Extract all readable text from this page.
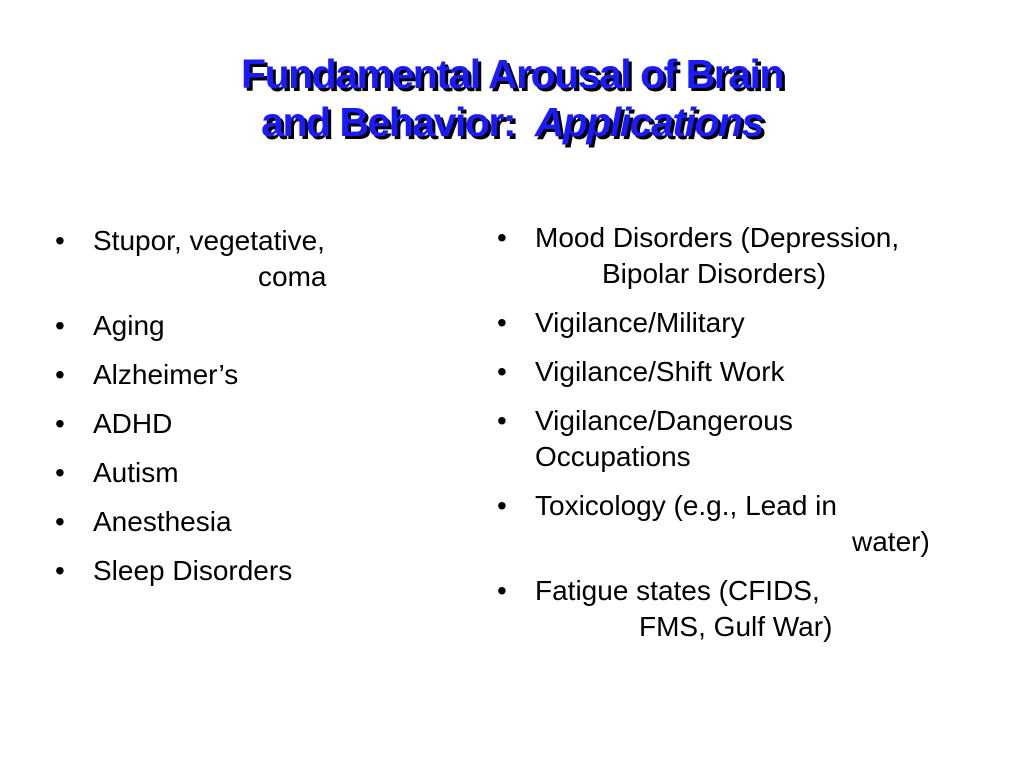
Fundamental Arousal of Brain
and Behavior: Applications
• Stupor, vegetative,
coma
• Aging
• Alzheimer’s
• ADHD
• Autism
• Anesthesia
• Sleep Disorders
• Mood Disorders (Depression,
Bipolar Disorders)
• Vigilance/Military
• Vigilance/Shift Work
• Vigilance/Dangerous
Occupations
• Toxicology (e.g., Lead in
water)
• Fatigue states (CFIDS,
FMS, Gulf War)
